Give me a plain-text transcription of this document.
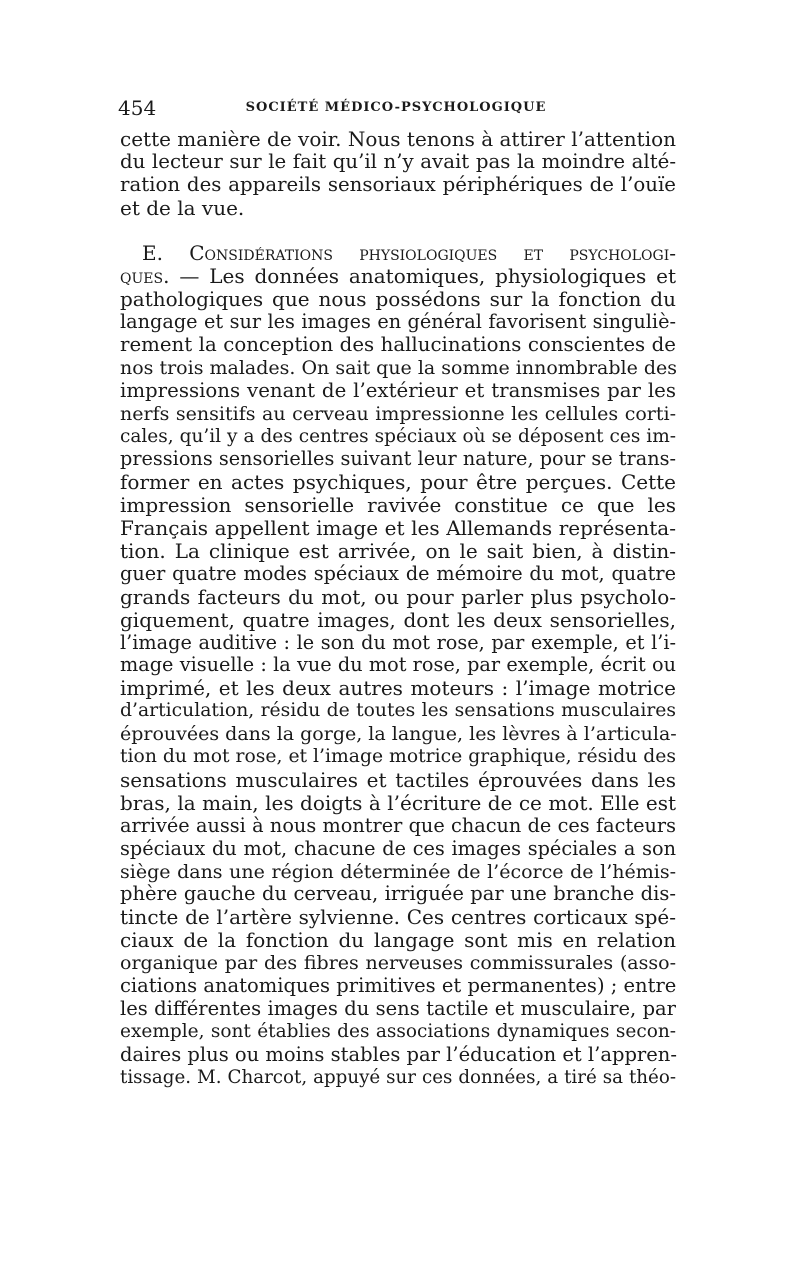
454	SOCIÉTÉ MÉDICO-PSYCHOLOGIQUE
cette manière de voir. Nous tenons à attirer l’attention
du lecteur sur le fait qu’il n’y avait pas la moindre alté-
ration des appareils sensoriaux périphériques de l’ouïe
et de la vue.
E. Considérations physiologiques et psychologi-
ques. — Les données anatomiques, physiologiques et
pathologiques que nous possédons sur la fonction du
langage et sur les images en général favorisent singuliè-
rement la conception des hallucinations conscientes de
nos trois malades. On sait que la somme innombrable des
impressions venant de l’extérieur et transmises par les
nerfs sensitifs au cerveau impressionne les cellules corti-
cales, qu’il y a des centres spéciaux où se déposent ces im-
pressions sensorielles suivant leur nature, pour se trans-
former en actes psychiques, pour être perçues. Cette
impression sensorielle ravivée constitue ce que les
Français appellent image et les Allemands représenta-
tion. La clinique est arrivée, on le sait bien, à distin-
guer quatre modes spéciaux de mémoire du mot, quatre
grands facteurs du mot, ou pour parler plus psycholo-
giquement, quatre images, dont les deux sensorielles,
l’image auditive : le son du mot rose, par exemple, et l’i-
mage visuelle : la vue du mot rose, par exemple, écrit ou
imprimé, et les deux autres moteurs : l’image motrice
d’articulation, résidu de toutes les sensations musculaires
éprouvées dans la gorge, la langue, les lèvres à l’articula-
tion du mot rose, et l’image motrice graphique, résidu des
sensations musculaires et tactiles éprouvées dans les
bras, la main, les doigts à l’écriture de ce mot. Elle est
arrivée aussi à nous montrer que chacun de ces facteurs
spéciaux du mot, chacune de ces images spéciales a son
siège dans une région déterminée de l’écorce de l’hémis-
phère gauche du cerveau, irriguée par une branche dis-
tincte de l’artère sylvienne. Ces centres corticaux spé-
ciaux de la fonction du langage sont mis en relation
organique par des fibres nerveuses commissurales (asso-
ciations anatomiques primitives et permanentes) ; entre
les différentes images du sens tactile et musculaire, par
exemple, sont établies des associations dynamiques secon-
daires plus ou moins stables par l’éducation et l’appren-
tissage. M. Charcot, appuyé sur ces données, a tiré sa théo-
